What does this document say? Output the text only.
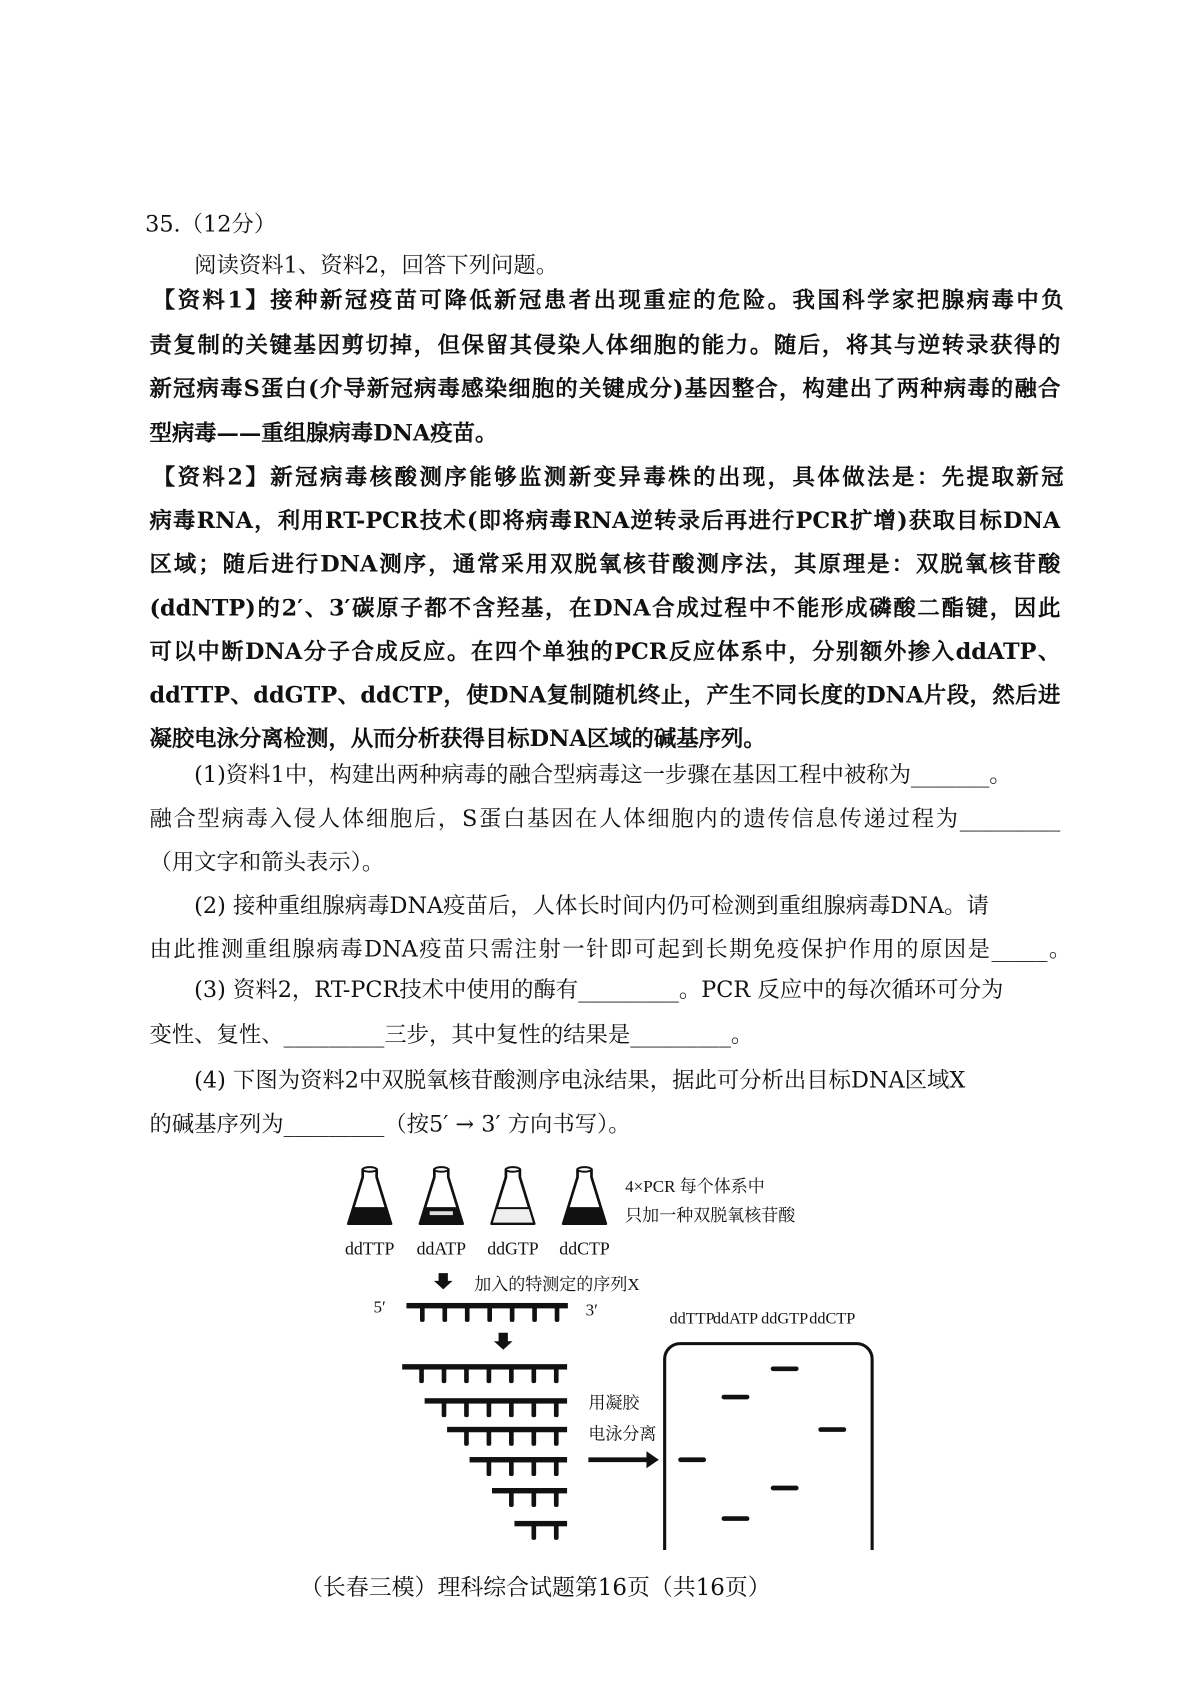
35.（12分）
阅读资料1、资料2，回答下列问题。
【资料1】接种新冠疫苗可降低新冠患者出现重症的危险。我国科学家把腺病毒中负
责复制的关键基因剪切掉，但保留其侵染人体细胞的能力。随后，将其与逆转录获得的
新冠病毒S蛋白(介导新冠病毒感染细胞的关键成分)基因整合，构建出了两种病毒的融合
型病毒——重组腺病毒DNA疫苗。
【资料2】新冠病毒核酸测序能够监测新变异毒株的出现，具体做法是：先提取新冠
病毒RNA，利用RT-PCR技术(即将病毒RNA逆转录后再进行PCR扩增)获取目标DNA
区域；随后进行DNA测序，通常采用双脱氧核苷酸测序法，其原理是：双脱氧核苷酸
(ddNTP)的2′、3′碳原子都不含羟基，在DNA合成过程中不能形成磷酸二酯键，因此
可以中断DNA分子合成反应。在四个单独的PCR反应体系中，分别额外掺入ddATP、
ddTTP、ddGTP、ddCTP，使DNA复制随机终止，产生不同长度的DNA片段，然后进
凝胶电泳分离检测，从而分析获得目标DNA区域的碱基序列。
(1)资料1中，构建出两种病毒的融合型病毒这一步骤在基因工程中被称为_______。
融合型病毒入侵人体细胞后，S蛋白基因在人体细胞内的遗传信息传递过程为_________
（用文字和箭头表示）。
(2) 接种重组腺病毒DNA疫苗后，人体长时间内仍可检测到重组腺病毒DNA。请
由此推测重组腺病毒DNA疫苗只需注射一针即可起到长期免疫保护作用的原因是_____。
(3) 资料2，RT-PCR技术中使用的酶有_________。PCR 反应中的每次循环可分为
变性、复性、_________三步，其中复性的结果是_________。
(4) 下图为资料2中双脱氧核苷酸测序电泳结果，据此可分析出目标DNA区域X
的碱基序列为_________（按5′ → 3′ 方向书写）。
（长春三模）理科综合试题第16页（共16页）
ddTTP ddATP ddGTP ddCTP
4×PCR 每个体系中
只加一种双脱氧核苷酸
加入的特测定的序列X
5′	3′
用凝胶
电泳分离
ddTTP
ddATP ddGTP ddCTP
